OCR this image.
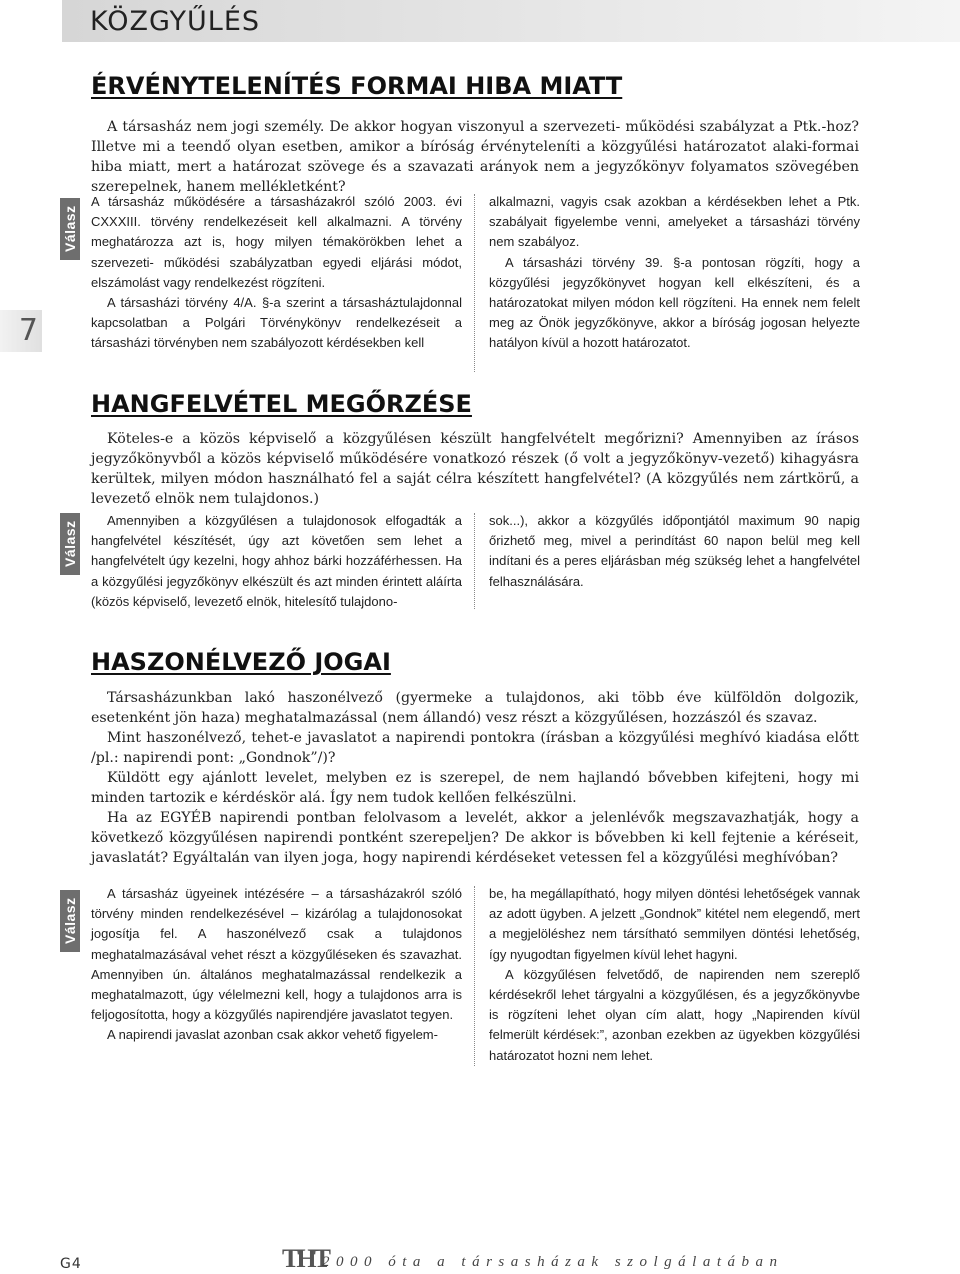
KÖZGYŰLÉS
7
ÉRVÉNYTELENÍTÉS FORMAI HIBA MIATT

A társasház nem jogi személy. De akkor hogyan viszonyul a szervezeti- működési szabályzat a Ptk.-hoz? Illetve mi a teendő olyan esetben, amikor a bíróság érvényteleníti a közgyűlési határozatot alaki-formai hiba miatt, mert a határozat szövege és a szavazati arányok nem a jegyzőkönyv folyamatos szövegében szerepelnek, hanem mellékletként?

Válasz

A társasház működésére a társasházakról szóló 2003. évi CXXXIII. törvény rendelkezéseit kell alkalmazni. A törvény meghatározza azt is, hogy milyen témakörökben lehet a szervezeti- működési szabályzatban egyedi eljárási módot, elszámolást vagy rendelkezést rögzíteni.

A társasházi törvény 4/A. §-a szerint a társasháztulajdonnal kapcsolatban a Polgári Törvénykönyv rendelkezéseit a társasházi törvényben nem szabályozott kérdésekben kell

alkalmazni, vagyis csak azokban a kérdésekben lehet a Ptk. szabályait figyelembe venni, amelyeket a társasházi törvény nem szabályoz.

A társasházi törvény 39. §-a pontosan rögzíti, hogy a közgyűlési jegyzőkönyvet hogyan kell elkészíteni, és a határozatokat milyen módon kell rögzíteni. Ha ennek nem felelt meg az Önök jegyzőkönyve, akkor a bíróság jogosan helyezte hatályon kívül a hozott határozatot.

HANGFELVÉTEL MEGŐRZÉSE

Köteles-e a közös képviselő a közgyűlésen készült hangfelvételt megőrizni? Amennyiben az írásos jegyzőkönyvből a közös képviselő működésére vonatkozó részek (ő volt a jegyzőkönyv-vezető) kihagyásra kerültek, milyen módon használható fel a saját célra készített hangfelvétel? (A közgyűlés nem zártkörű, a levezető elnök nem tulajdonos.)

Válasz

Amennyiben a közgyűlésen a tulajdonosok elfogadták a hangfelvétel készítését, úgy azt követően sem lehet a hangfelvételt úgy kezelni, hogy ahhoz bárki hozzáférhessen. Ha a közgyűlési jegyzőkönyv elkészült és azt minden érintett aláírta (közös képviselő, levezető elnök, hitelesítő tulajdono-

sok...), akkor a közgyűlés időpontjától maximum 90 napig őrizhető meg, mivel a perindítást 60 napon belül meg kell indítani és a peres eljárásban még szükség lehet a hangfelvétel felhasználására.

HASZONÉLVEZŐ JOGAI

Társasházunkban lakó haszonélvező (gyermeke a tulajdonos, aki több éve külföldön dolgozik, esetenként jön haza) meghatalmazással (nem állandó) vesz részt a közgyűlésen, hozzászól és szavaz.

Mint haszonélvező, tehet-e javaslatot a napirendi pontokra (írásban a közgyűlési meghívó kiadása előtt /pl.: napirendi pont: „Gondnok”/)?

Küldött egy ajánlott levelet, melyben ez is szerepel, de nem hajlandó bővebben kifejteni, hogy mi minden tartozik e kérdéskör alá. Így nem tudok kellően felkészülni.

Ha az EGYÉB napirendi pontban felolvasom a levelét, akkor a jelenlévők megszavazhatják, hogy a következő közgyűlésen napirendi pontként szerepeljen? De akkor is bővebben ki kell fejtenie a kéréseit, javaslatát? Egyáltalán van ilyen joga, hogy napirendi kérdéseket vetessen fel a közgyűlési meghívóban?

Válasz

A társasház ügyeinek intézésére – a társasházakról szóló törvény minden rendelkezésével – kizárólag a tulajdonosokat jogosítja fel. A haszonélvező csak a tulajdonos meghatalmazásával vehet részt a közgyűléseken és szavazhat. Amennyiben ún. általános meghatalmazással rendelkezik a meghatalmazott, úgy vélelmezni kell, hogy a tulajdonos arra is feljogosította, hogy a közgyűlés napirendjére javaslatot tegyen.

A napirendi javaslat azonban csak akkor vehető figyelem-

be, ha megállapítható, hogy milyen döntési lehetőségek vannak az adott ügyben. A jelzett „Gondnok” kitétel nem elegendő, mert a megjelöléshez nem társítható semmilyen döntési lehetőség, így nyugodtan figyelmen kívül lehet hagyni.

A közgyűlésen felvetődő, de napirenden nem szereplő kérdésekről lehet tárgyalni a közgyűlésen, és a jegyzőkönyvbe is rögzíteni lehet olyan cím alatt, hogy „Napirenden kívül felmerült kérdések:”, azonban ezekben az ügyekben közgyűlési határozatot hozni nem lehet.

G4	THT
2000 óta a társasházak szolgálatában
